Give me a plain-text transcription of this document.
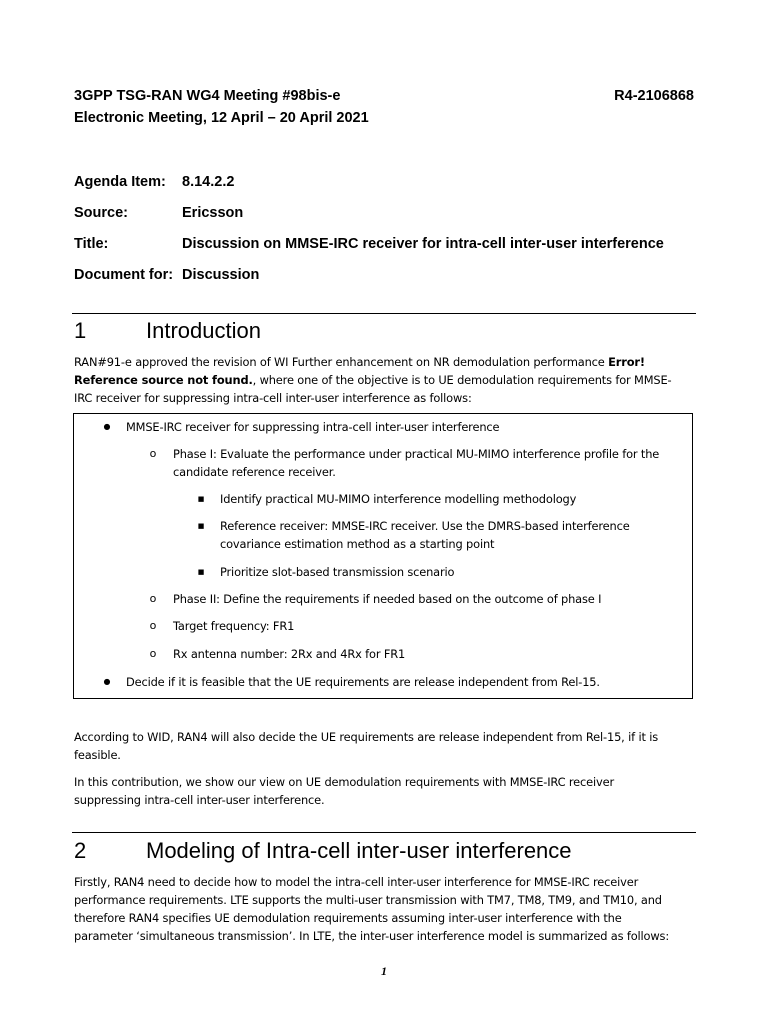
3GPP TSG-RAN WG4 Meeting #98bis-e	R4-2106868
Electronic Meeting, 12 April – 20 April 2021
Agenda Item: 8.14.2.2
Source:	Ericsson
Title:	Discussion on MMSE-IRC receiver for intra-cell inter-user interference
Document for: Discussion
1	Introduction
RAN#91-e approved the revision of WI Further enhancement on NR demodulation performance Error!
Reference source not found., where one of the objective is to UE demodulation requirements for MMSE-
IRC receiver for suppressing intra-cell inter-user interference as follows:
●	MMSE-IRC receiver for suppressing intra-cell inter-user interference
o	Phase I: Evaluate the performance under practical MU-MIMO interference profile for the
candidate reference receiver.
■	Identify practical MU-MIMO interference modelling methodology
■	Reference receiver: MMSE-IRC receiver. Use the DMRS-based interference
covariance estimation method as a starting point
■	Prioritize slot-based transmission scenario
o	Phase II: Define the requirements if needed based on the outcome of phase I
o	Target frequency: FR1
o	Rx antenna number: 2Rx and 4Rx for FR1
●	Decide if it is feasible that the UE requirements are release independent from Rel-15.
According to WID, RAN4 will also decide the UE requirements are release independent from Rel-15, if it is
feasible.
In this contribution, we show our view on UE demodulation requirements with MMSE-IRC receiver
suppressing intra-cell inter-user interference.
2	Modeling of Intra-cell inter-user interference
Firstly, RAN4 need to decide how to model the intra-cell inter-user interference for MMSE-IRC receiver
performance requirements. LTE supports the multi-user transmission with TM7, TM8, TM9, and TM10, and
therefore RAN4 specifies UE demodulation requirements assuming inter-user interference with the
parameter ‘simultaneous transmission’. In LTE, the inter-user interference model is summarized as follows:
1
